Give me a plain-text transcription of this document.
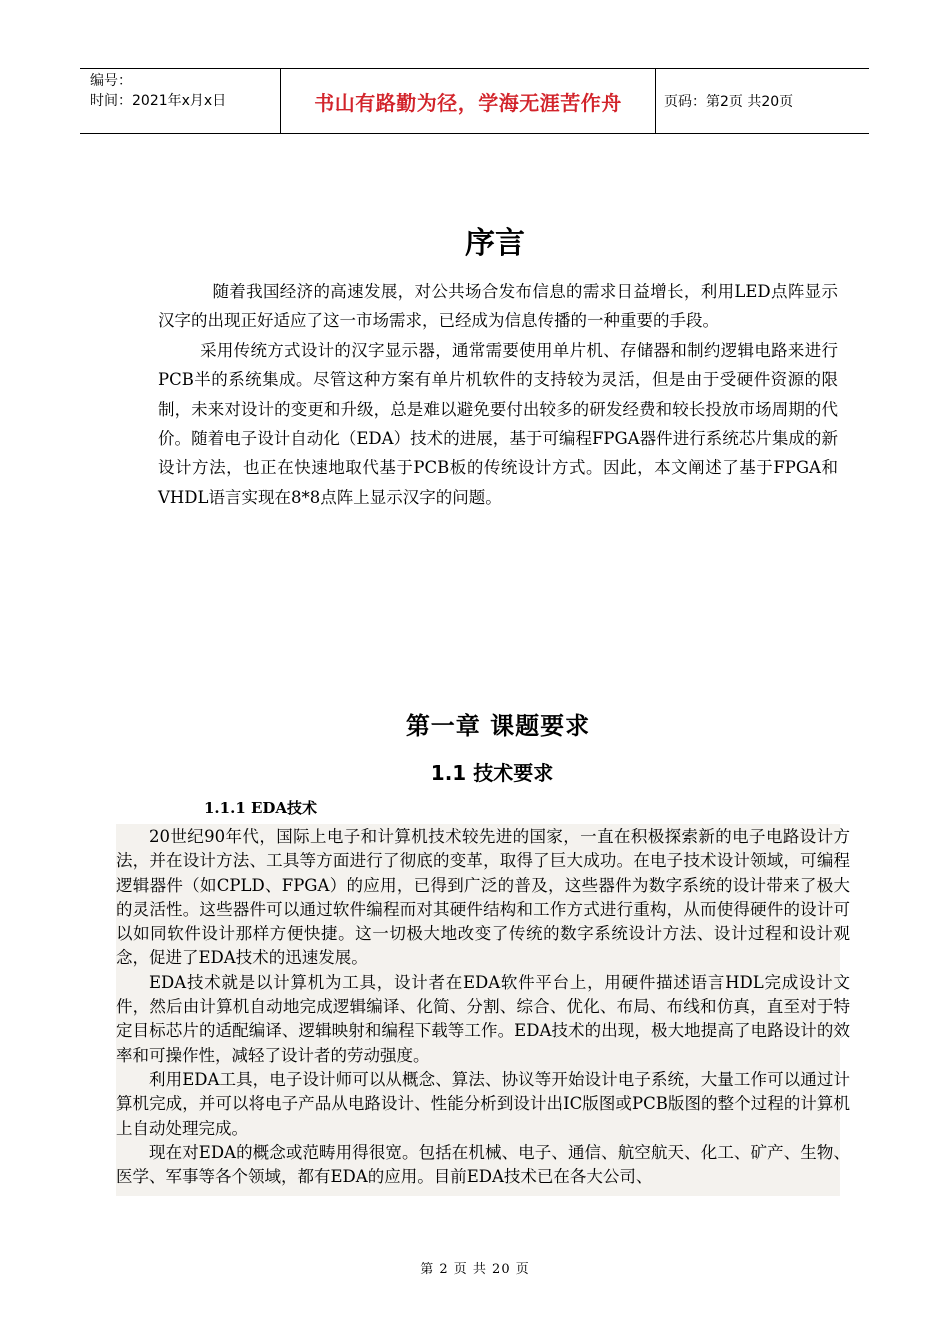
编号：
时间：2021年x月x日	书山有路勤为径，学海无涯苦作舟	页码：第2页 共20页
序言

随着我国经济的高速发展，对公共场合发布信息的需求日益增长，利用LED点阵显示汉字的出现正好适应了这一市场需求，已经成为信息传播的一种重要的手段。

采用传统方式设计的汉字显示器，通常需要使用单片机、存储器和制约逻辑电路来进行PCB半的系统集成。尽管这种方案有单片机软件的支持较为灵活，但是由于受硬件资源的限制，未来对设计的变更和升级，总是难以避免要付出较多的研发经费和较长投放市场周期的代价。随着电子设计自动化（EDA）技术的进展，基于可编程FPGA器件进行系统芯片集成的新设计方法，也正在快速地取代基于PCB板的传统设计方式。因此，本文阐述了基于FPGA和VHDL语言实现在8*8点阵上显示汉字的问题。

第一章 课题要求
1.1 技术要求
1.1.1 EDA技术

20世纪90年代，国际上电子和计算机技术较先进的国家，一直在积极探索新的电子电路设计方法，并在设计方法、工具等方面进行了彻底的变革，取得了巨大成功。在电子技术设计领域，可编程逻辑器件（如CPLD、FPGA）的应用，已得到广泛的普及，这些器件为数字系统的设计带来了极大的灵活性。这些器件可以通过软件编程而对其硬件结构和工作方式进行重构，从而使得硬件的设计可以如同软件设计那样方便快捷。这一切极大地改变了传统的数字系统设计方法、设计过程和设计观念，促进了EDA技术的迅速发展。

EDA技术就是以计算机为工具，设计者在EDA软件平台上，用硬件描述语言HDL完成设计文件，然后由计算机自动地完成逻辑编译、化简、分割、综合、优化、布局、布线和仿真，直至对于特定目标芯片的适配编译、逻辑映射和编程下载等工作。EDA技术的出现，极大地提高了电路设计的效率和可操作性，减轻了设计者的劳动强度。

利用EDA工具，电子设计师可以从概念、算法、协议等开始设计电子系统，大量工作可以通过计算机完成，并可以将电子产品从电路设计、性能分析到设计出IC版图或PCB版图的整个过程的计算机上自动处理完成。

现在对EDA的概念或范畴用得很宽。包括在机械、电子、通信、航空航天、化工、矿产、生物、医学、军事等各个领域，都有EDA的应用。目前EDA技术已在各大公司、

第 2 页 共 20 页
